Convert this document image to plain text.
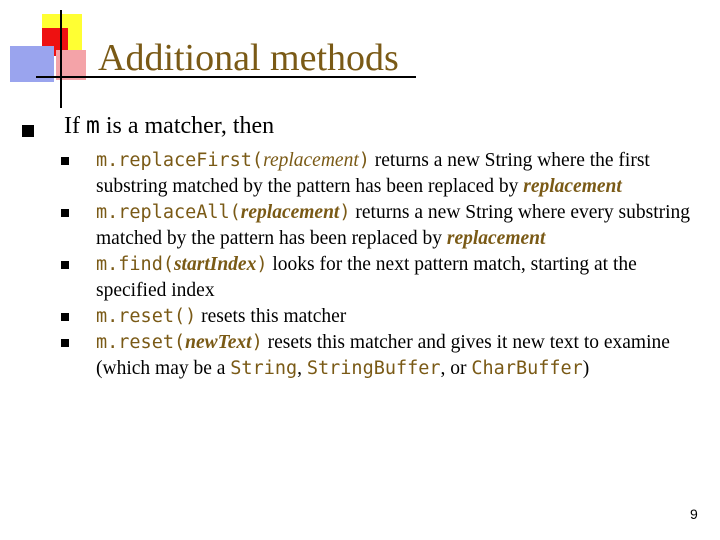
Additional methods
If m is a matcher, then
m.replaceFirst(replacement) returns a new String where the first substring matched by the pattern has been replaced by replacement
m.replaceAll(replacement) returns a new String where every substring matched by the pattern has been replaced by replacement
m.find(startIndex) looks for the next pattern match, starting at the specified index
m.reset() resets this matcher
m.reset(newText) resets this matcher and gives it new text to examine (which may be a String, StringBuffer, or CharBuffer)
9
